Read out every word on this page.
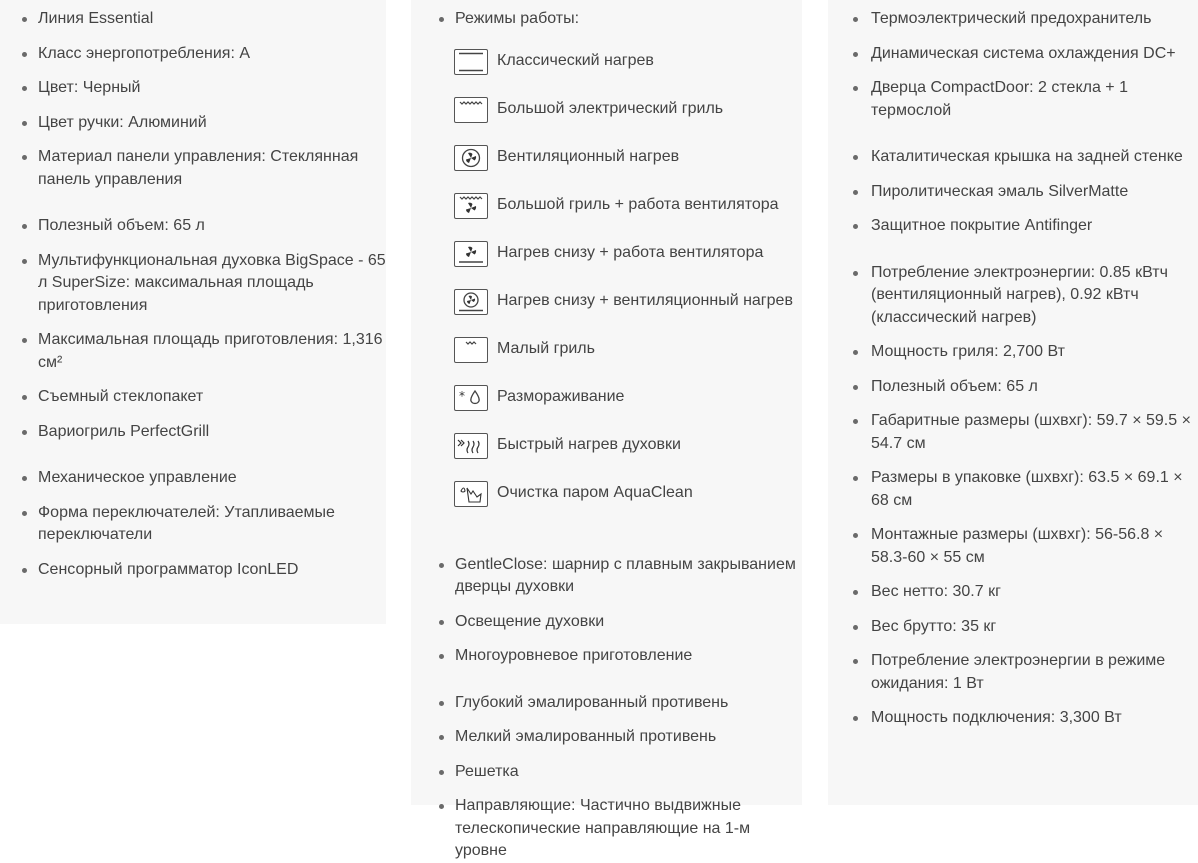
Линия Essential
Класс энергопотребления: A
Цвет: Черный
Цвет ручки: Алюминий
Материал панели управления: Стеклянная панель управления
Полезный объем: 65 л
Мультифункциональная духовка BigSpace - 65 л SuperSize: максимальная площадь приготовления
Максимальная площадь приготовления: 1,316 см²
Съемный стеклопакет
Вариогриль PerfectGrill
Механическое управление
Форма переключателей: Утапливаемые переключатели
Сенсорный программатор IconLED
Режимы работы:
Классический нагрев
Большой электрический гриль
Вентиляционный нагрев
Большой гриль + работа вентилятора
Нагрев снизу + работа вентилятора
Нагрев снизу + вентиляционный нагрев
Малый гриль
* Размораживание
Быстрый нагрев духовки
Очистка паром AquaClean
GentleClose: шарнир с плавным закрыванием дверцы духовки
Освещение духовки
Многоуровневое приготовление
Глубокий эмалированный противень
Мелкий эмалированный противень
Решетка
Направляющие: Частично выдвижные телескопические направляющие на 1-м уровне
Термоэлектрический предохранитель
Динамическая система охлаждения DC+
Дверца CompactDoor: 2 стекла + 1 термослой
Каталитическая крышка на задней стенке
Пиролитическая эмаль SilverMatte
Защитное покрытие Antifinger
Потребление электроэнергии: 0.85 кВтч (вентиляционный нагрев), 0.92 кВтч (классический нагрев)
Мощность гриля: 2,700 Вт
Полезный объем: 65 л
Габаритные размеры (шхвхг): 59.7 × 59.5 × 54.7 см
Размеры в упаковке (шхвхг): 63.5 × 69.1 × 68 см
Монтажные размеры (шхвхг): 56-56.8 × 58.3-60 × 55 см
Вес нетто: 30.7 кг
Вес брутто: 35 кг
Потребление электроэнергии в режиме ожидания: 1 Вт
Мощность подключения: 3,300 Вт
